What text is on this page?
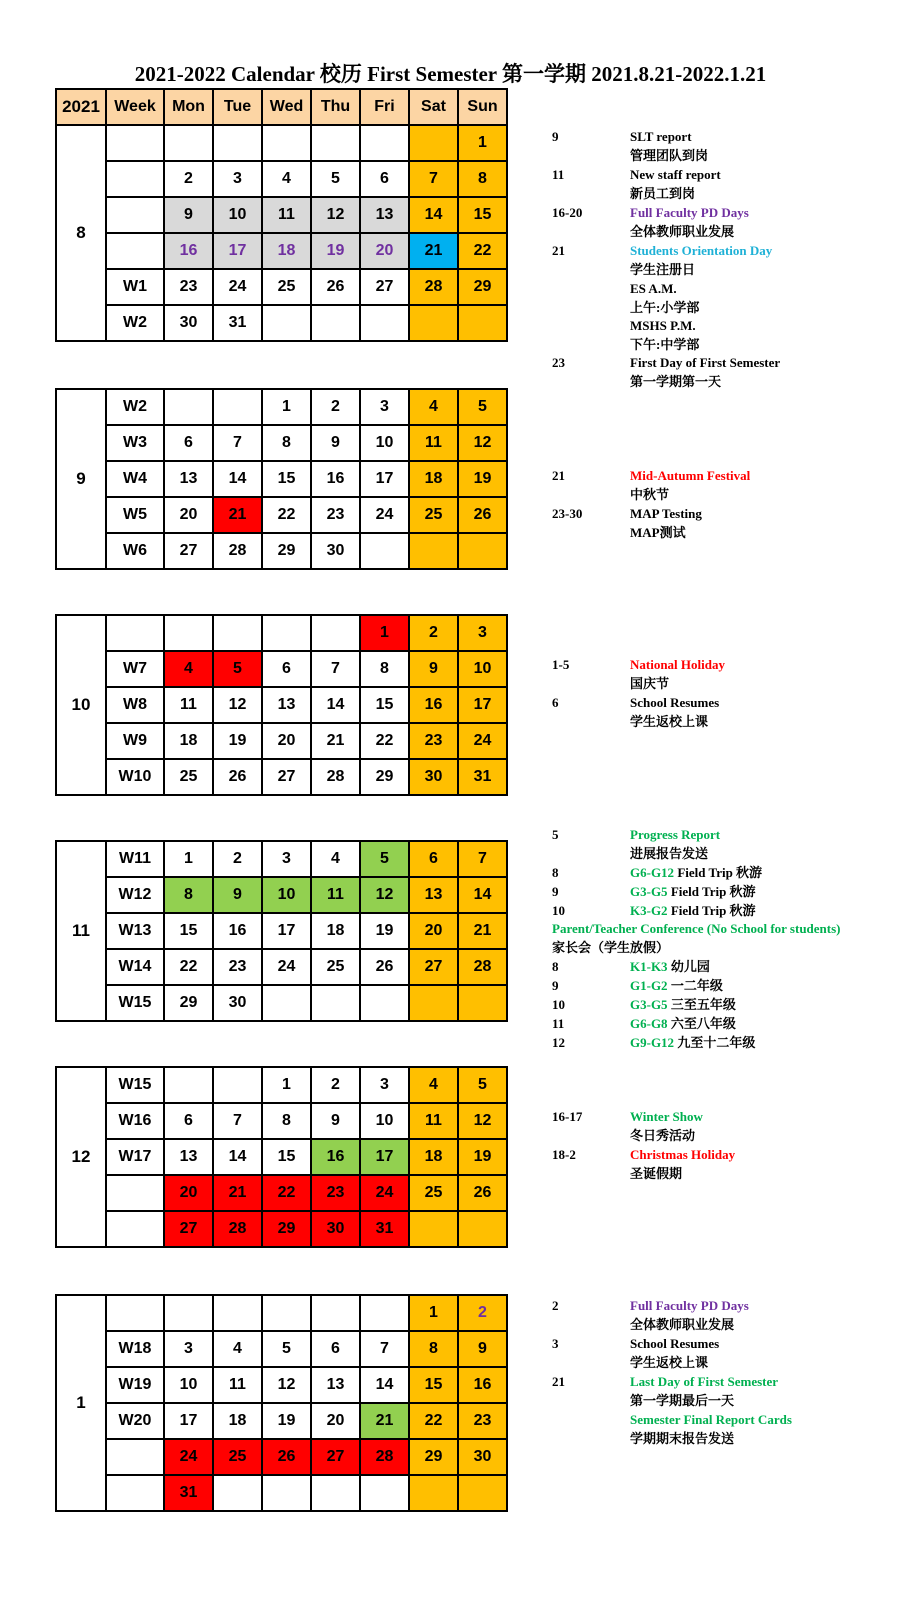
2021-2022 Calendar 校历 First Semester 第一学期 2021.8.21-2022.1.21
2021	Week	Mon	Tue	Wed	Thu	Fri	Sat	Sun
8								1
		2	3	4	5	6	7	8
		9	10	11	12	13	14	15
		16	17	18	19	20	21	22
	W1	23	24	25	26	27	28	29
	W2	30	31					
9	W2			1	2	3	4	5
	W3	6	7	8	9	10	11	12
	W4	13	14	15	16	17	18	19
	W5	20	21	22	23	24	25	26
	W6	27	28	29	30			
10						1	2	3
	W7	4	5	6	7	8	9	10
	W8	11	12	13	14	15	16	17
	W9	18	19	20	21	22	23	24
	W10	25	26	27	28	29	30	31
11	W11	1	2	3	4	5	6	7
	W12	8	9	10	11	12	13	14
	W13	15	16	17	18	19	20	21
	W14	22	23	24	25	26	27	28
	W15	29	30					
12	W15			1	2	3	4	5
	W16	6	7	8	9	10	11	12
	W17	13	14	15	16	17	18	19
		20	21	22	23	24	25	26
		27	28	29	30	31		
1							1	2
	W18	3	4	5	6	7	8	9
	W19	10	11	12	13	14	15	16
	W20	17	18	19	20	21	22	23
		24	25	26	27	28	29	30
		31						
9	SLT report
管理团队到岗
11	New staff report
新员工到岗
16-20	Full Faculty PD Days
全体教师职业发展
21	Students Orientation Day
学生注册日
ES A.M.
上午:小学部
MSHS P.M.
下午:中学部
23	First Day of First Semester
第一学期第一天
21	Mid-Autumn Festival
中秋节
23-30	MAP Testing
MAP测试
1-5	National Holiday
国庆节
6	School Resumes
学生返校上课
5	Progress Report
进展报告发送
8	G6-G12 Field Trip 秋游
9	G3-G5 Field Trip 秋游
10	K3-G2 Field Trip 秋游
Parent/Teacher Conference (No School for students)
家长会（学生放假）
8	K1-K3 幼儿园
9	G1-G2 一二年级
10	G3-G5 三至五年级
11	G6-G8 六至八年级
12	G9-G12 九至十二年级
16-17	Winter Show
冬日秀活动
18-2	Christmas Holiday
圣诞假期
2	Full Faculty PD Days
全体教师职业发展
3	School Resumes
学生返校上课
21	Last Day of First Semester
第一学期最后一天
Semester Final Report Cards
学期期末报告发送
